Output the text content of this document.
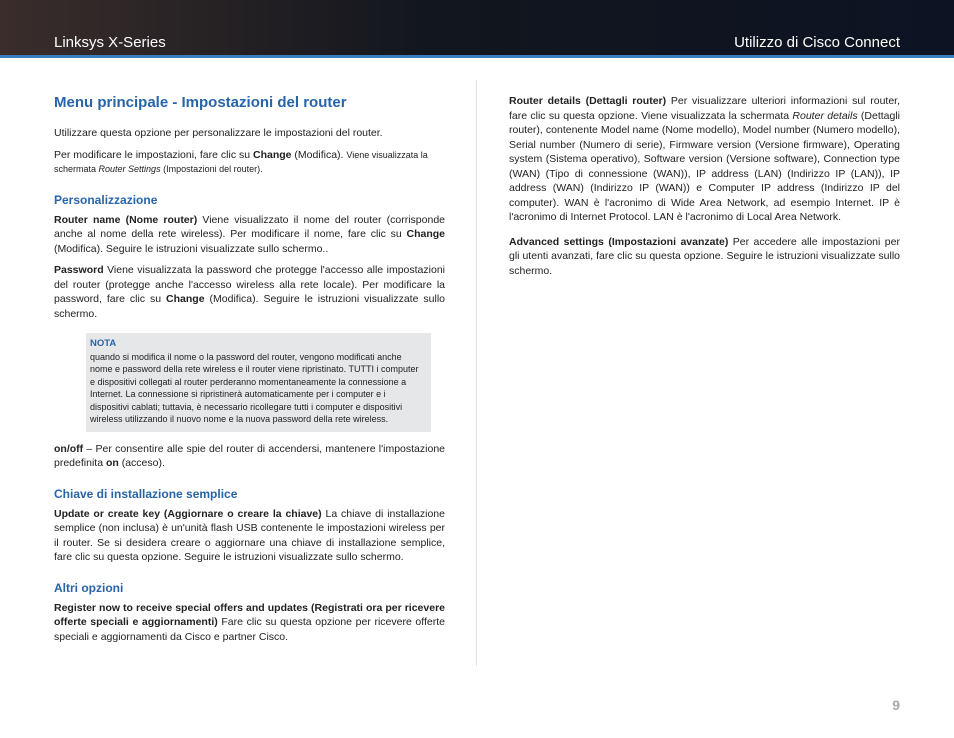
Linksys X-Series	Utilizzo di Cisco Connect
Menu principale - Impostazioni del router

Utilizzare questa opzione per personalizzare le impostazioni del router.

Per modificare le impostazioni, fare clic su Change (Modifica). Viene visualizzata la schermata Router Settings (Impostazioni del router).

Personalizzazione

Router name (Nome router) Viene visualizzato il nome del router (corrisponde anche al nome della rete wireless). Per modificare il nome, fare clic su Change (Modifica). Seguire le istruzioni visualizzate sullo schermo..

Password Viene visualizzata la password che protegge l'accesso alle impostazioni del router (protegge anche l'accesso wireless alla rete locale). Per modificare la password, fare clic su Change (Modifica). Seguire le istruzioni visualizzate sullo schermo.

NOTA
quando si modifica il nome o la password del router, vengono modificati anche nome e password della rete wireless e il router viene ripristinato. TUTTI i computer e dispositivi collegati al router perderanno momentaneamente la connessione a Internet. La connessione si ripristinerà automaticamente per i computer e i dispositivi cablati; tuttavia, è necessario ricollegare tutti i computer e dispositivi wireless utilizzando il nuovo nome e la nuova password della rete wireless.

on/off – Per consentire alle spie del router di accendersi, mantenere l'impostazione predefinita on (acceso).

Chiave di installazione semplice

Update or create key (Aggiornare o creare la chiave) La chiave di installazione semplice (non inclusa) è un'unità flash USB contenente le impostazioni wireless per il router. Se si desidera creare o aggiornare una chiave di installazione semplice, fare clic su questa opzione. Seguire le istruzioni visualizzate sullo schermo.

Altri opzioni

Register now to receive special offers and updates (Registrati ora per ricevere offerte speciali e aggiornamenti) Fare clic su questa opzione per ricevere offerte speciali e aggiornamenti da Cisco e partner Cisco.

Router details (Dettagli router) Per visualizzare ulteriori informazioni sul router, fare clic su questa opzione. Viene visualizzata la schermata Router details (Dettagli router), contenente Model name (Nome modello), Model number (Numero modello), Serial number (Numero di serie), Firmware version (Versione firmware), Operating system (Sistema operativo), Software version (Versione software), Connection type (WAN) (Tipo di connessione (WAN)), IP address (LAN) (Indirizzo IP (LAN)), IP address (WAN) (Indirizzo IP (WAN)) e Computer IP address (Indirizzo IP del computer). WAN è l'acronimo di Wide Area Network, ad esempio Internet. IP è l'acronimo di Internet Protocol. LAN è l'acronimo di Local Area Network.

Advanced settings (Impostazioni avanzate) Per accedere alle impostazioni per gli utenti avanzati, fare clic su questa opzione. Seguire le istruzioni visualizzate sullo schermo.

9
